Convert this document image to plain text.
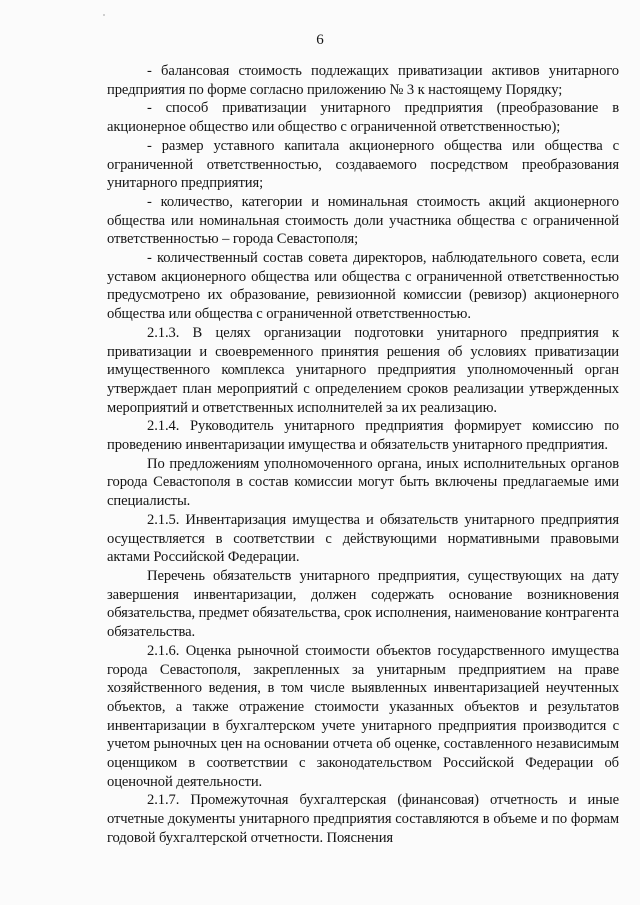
6

- балансовая стоимость подлежащих приватизации активов унитарного предприятия по форме согласно приложению № 3 к настоящему Порядку;

- способ приватизации унитарного предприятия (преобразование в акционерное общество или общество с ограниченной ответственностью);

- размер уставного капитала акционерного общества или общества с ограниченной ответственностью, создаваемого посредством преобразования унитарного предприятия;

- количество, категории и номинальная стоимость акций акционерного общества или номинальная стоимость доли участника общества с ограниченной ответственностью – города Севастополя;

- количественный состав совета директоров, наблюдательного совета, если уставом акционерного общества или общества с ограниченной ответственностью предусмотрено их образование, ревизионной комиссии (ревизор) акционерного общества или общества с ограниченной ответственностью.

2.1.3. В целях организации подготовки унитарного предприятия к приватизации и своевременного принятия решения об условиях приватизации имущественного комплекса унитарного предприятия уполномоченный орган утверждает план мероприятий с определением сроков реализации утвержденных мероприятий и ответственных исполнителей за их реализацию.

2.1.4. Руководитель унитарного предприятия формирует комиссию по проведению инвентаризации имущества и обязательств унитарного предприятия.

По предложениям уполномоченного органа, иных исполнительных органов города Севастополя в состав комиссии могут быть включены предлагаемые ими специалисты.

2.1.5. Инвентаризация имущества и обязательств унитарного предприятия осуществляется в соответствии с действующими нормативными правовыми актами Российской Федерации.

Перечень обязательств унитарного предприятия, существующих на дату завершения инвентаризации, должен содержать основание возникновения обязательства, предмет обязательства, срок исполнения, наименование контрагента обязательства.

2.1.6. Оценка рыночной стоимости объектов государственного имущества города Севастополя, закрепленных за унитарным предприятием на праве хозяйственного ведения, в том числе выявленных инвентаризацией неучтенных объектов, а также отражение стоимости указанных объектов и результатов инвентаризации в бухгалтерском учете унитарного предприятия производится с учетом рыночных цен на основании отчета об оценке, составленного независимым оценщиком в соответствии с законодательством Российской Федерации об оценочной деятельности.

2.1.7. Промежуточная бухгалтерская (финансовая) отчетность и иные отчетные документы унитарного предприятия составляются в объеме и по формам годовой бухгалтерской отчетности. Пояснения
